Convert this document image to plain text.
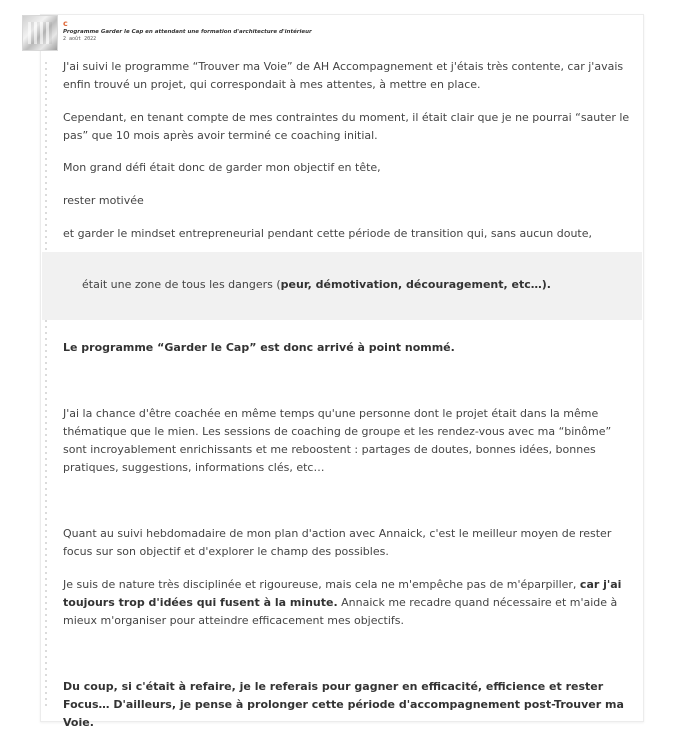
c

Programme Garder le Cap en attendant une formation d'architecture d'intérieur

2 août 2022

J'ai suivi le programme “Trouver ma Voie” de AH Accompagnement et j'étais très contente, car j'avais enfin trouvé un projet, qui correspondait à mes attentes, à mettre en place.

Cependant, en tenant compte de mes contraintes du moment, il était clair que je ne pourrai “sauter le pas” que 10 mois après avoir terminé ce coaching initial.

Mon grand défi était donc de garder mon objectif en tête,

rester motivée

et garder le mindset entrepreneurial pendant cette période de transition qui, sans aucun doute,

Le programme “Garder le Cap” est donc arrivé à point nommé.

J'ai la chance d'être coachée en même temps qu'une personne dont le projet était dans la même thématique que le mien. Les sessions de coaching de groupe et les rendez-vous avec ma “binôme” sont incroyablement enrichissants et me reboostent : partages de doutes, bonnes idées, bonnes pratiques, suggestions, informations clés, etc…

Quant au suivi hebdomadaire de mon plan d'action avec Annaick, c'est le meilleur moyen de rester focus sur son objectif et d'explorer le champ des possibles.

Je suis de nature très disciplinée et rigoureuse, mais cela ne m'empêche pas de m'éparpiller, car j'ai toujours trop d'idées qui fusent à la minute. Annaick me recadre quand nécessaire et m'aide à mieux m'organiser pour atteindre efficacement mes objectifs.

Du coup, si c'était à refaire, je le referais pour gagner en efficacité, efficience et rester Focus… D'ailleurs, je pense à prolonger cette période d'accompagnement post-Trouver ma Voie.

était une zone de tous les dangers (peur, démotivation, découragement, etc…).
